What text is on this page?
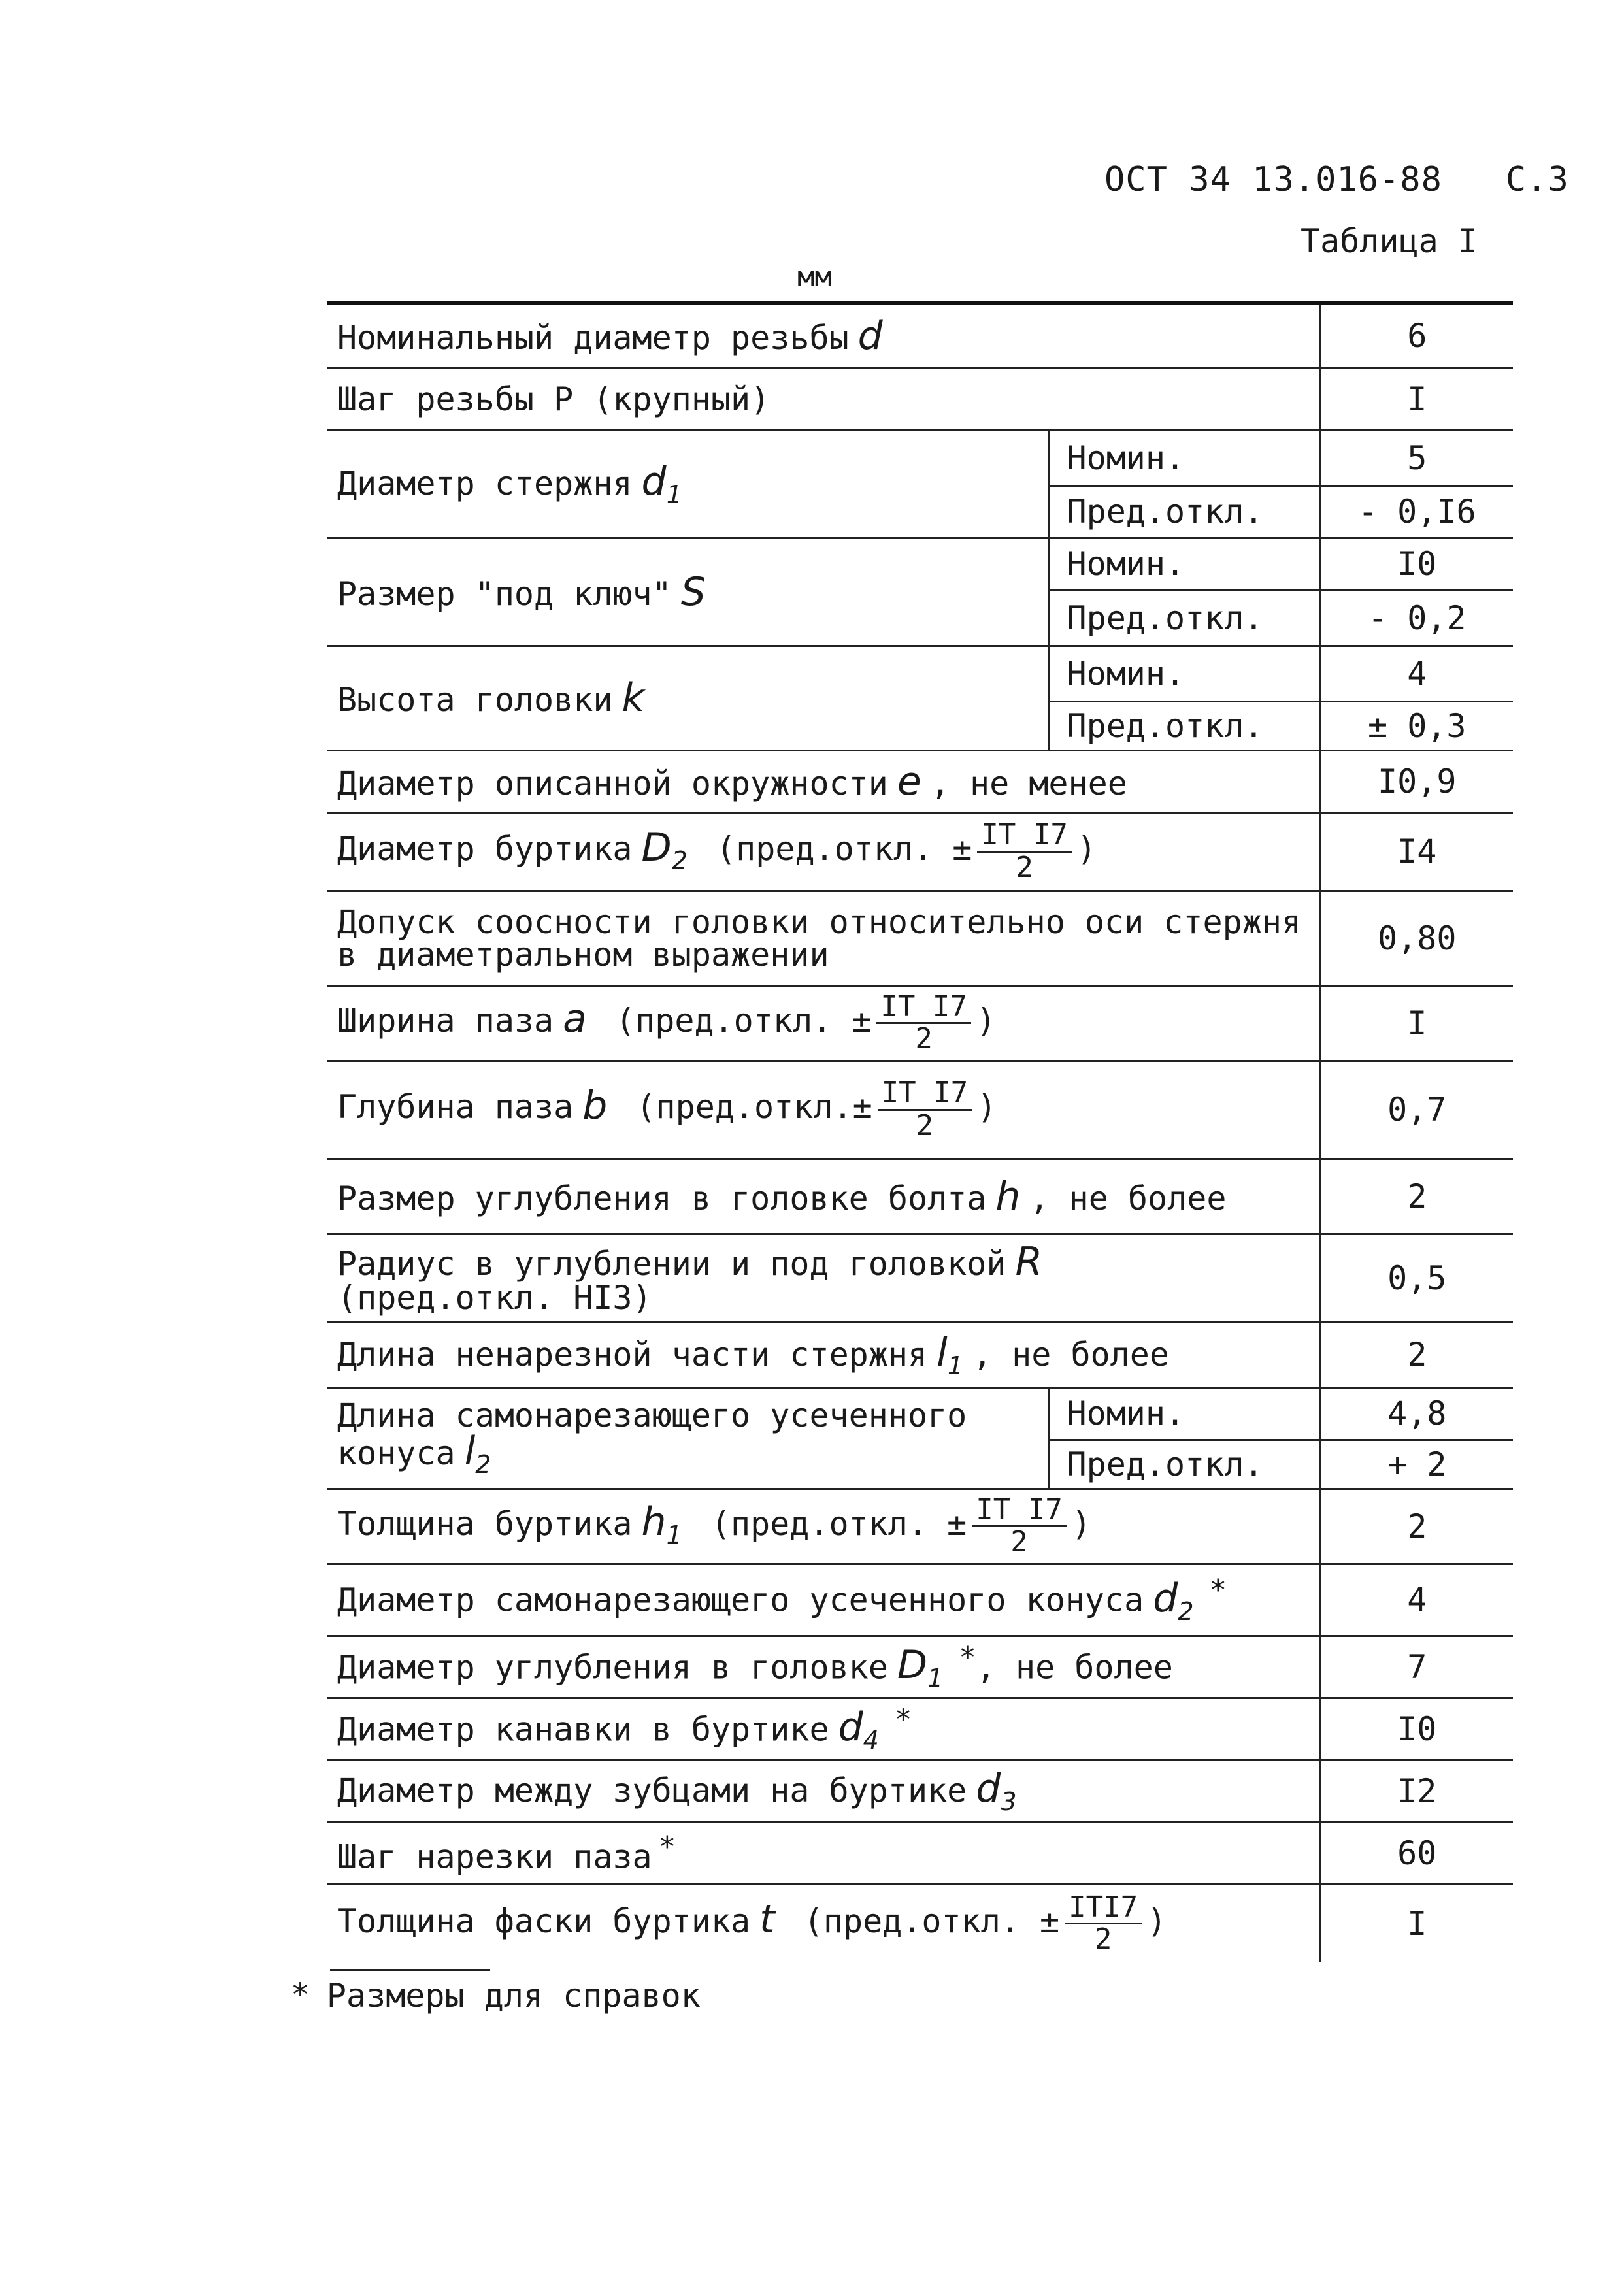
ОСТ 34 13.016-88 С.3
Таблица I
мм
Номинальный диаметр резьбы d		6
Шаг резьбы Р (крупный)		I
Диаметр стержня $d_1$	Номин.	5
	Пред.откл.	- 0,I6
Размер "под ключ" S	Номин.	I0
	Пред.откл.	- 0,2
Высота головки k	Номин.	4
	Пред.откл.	± 0,3
Диаметр описанной окружности e , не менее		I0,9
Диаметр буртика $D_2$ (пред.откл. ± $\frac{\text{IT I7}}{2}$ )		I4

Допуск соосности головки относительно оси стержня
в диаметральном выражении		0,80
Ширина паза a (пред.откл. ± $\frac{\text{IT I7}}{2}$ )		I
Глубина паза b (пред.откл.± $\frac{\text{IT I7}}{2}$ )		0,7
Размер углубления в головке болта h , не более		2

Радиус в углублении и под головкой R
(пред.откл. HI3)		0,5
Длина ненарезной части стержня $l_1$ , не более		2

Длина самонарезающего усеченного
конуса $l_2$	Номин.	4,8
	Пред.откл.	+ 2
Толщина буртика $h_1$ (пред.откл. ± $\frac{\text{IT I7}}{2}$ )		2
Диаметр самонарезающего усеченного конуса $d_2*$		4
Диаметр углубления в головке $D_1*$, не более		7
Диаметр канавки в буртике $d_4*$		I0
Диаметр между зубцами на буртике $d_3$		I2
Шаг нарезки паза *		60
Толщина фаски буртика t (пред.откл. ± $\frac{\text{ITI7}}{2}$ )		I
* Размеры для справок
